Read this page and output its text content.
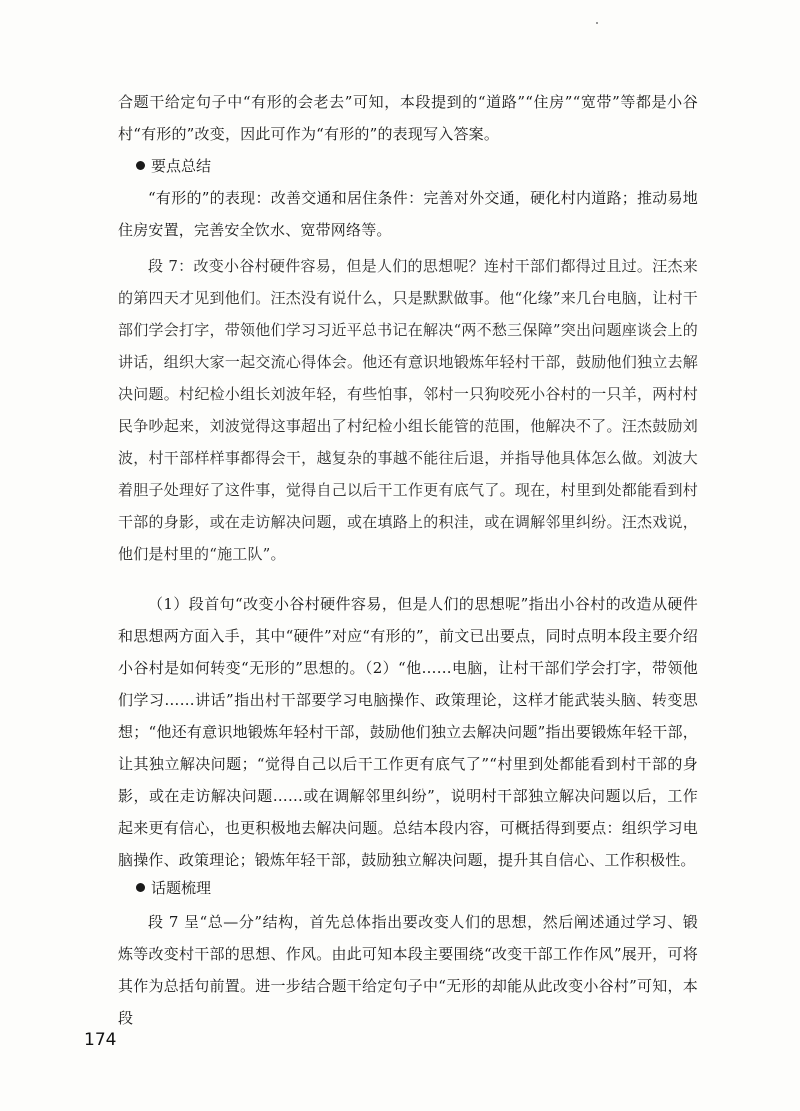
合题干给定句子中“有形的会老去”可知，本段提到的“道路”“住房”“宽带”等都是小谷村“有形的”改变，因此可作为“有形的”的表现写入答案。

要点总结

“有形的”的表现：改善交通和居住条件：完善对外交通，硬化村内道路；推动易地住房安置，完善安全饮水、宽带网络等。

段 7：改变小谷村硬件容易，但是人们的思想呢？连村干部们都得过且过。汪杰来的第四天才见到他们。汪杰没有说什么，只是默默做事。他“化缘”来几台电脑，让村干部们学会打字，带领他们学习习近平总书记在解决“两不愁三保障”突出问题座谈会上的讲话，组织大家一起交流心得体会。他还有意识地锻炼年轻村干部，鼓励他们独立去解决问题。村纪检小组长刘波年轻，有些怕事，邻村一只狗咬死小谷村的一只羊，两村村民争吵起来，刘波觉得这事超出了村纪检小组长能管的范围，他解决不了。汪杰鼓励刘波，村干部样样事都得会干，越复杂的事越不能往后退，并指导他具体怎么做。刘波大着胆子处理好了这件事，觉得自己以后干工作更有底气了。现在，村里到处都能看到村干部的身影，或在走访解决问题，或在填路上的积洼，或在调解邻里纠纷。汪杰戏说，他们是村里的“施工队”。

（1）段首句“改变小谷村硬件容易，但是人们的思想呢”指出小谷村的改造从硬件和思想两方面入手，其中“硬件”对应“有形的”，前文已出要点，同时点明本段主要介绍小谷村是如何转变“无形的”思想的。（2）“他……电脑，让村干部们学会打字，带领他们学习……讲话”指出村干部要学习电脑操作、政策理论，这样才能武装头脑、转变思想；“他还有意识地锻炼年轻村干部，鼓励他们独立去解决问题”指出要锻炼年轻干部，让其独立解决问题；“觉得自己以后干工作更有底气了”“村里到处都能看到村干部的身影，或在走访解决问题……或在调解邻里纠纷”，说明村干部独立解决问题以后，工作起来更有信心，也更积极地去解决问题。总结本段内容，可概括得到要点：组织学习电脑操作、政策理论；锻炼年轻干部，鼓励独立解决问题，提升其自信心、工作积极性。

话题梳理

段 7 呈“总—分”结构，首先总体指出要改变人们的思想，然后阐述通过学习、锻炼等改变村干部的思想、作风。由此可知本段主要围绕“改变干部工作作风”展开，可将其作为总括句前置。进一步结合题干给定句子中“无形的却能从此改变小谷村”可知，本段

174
